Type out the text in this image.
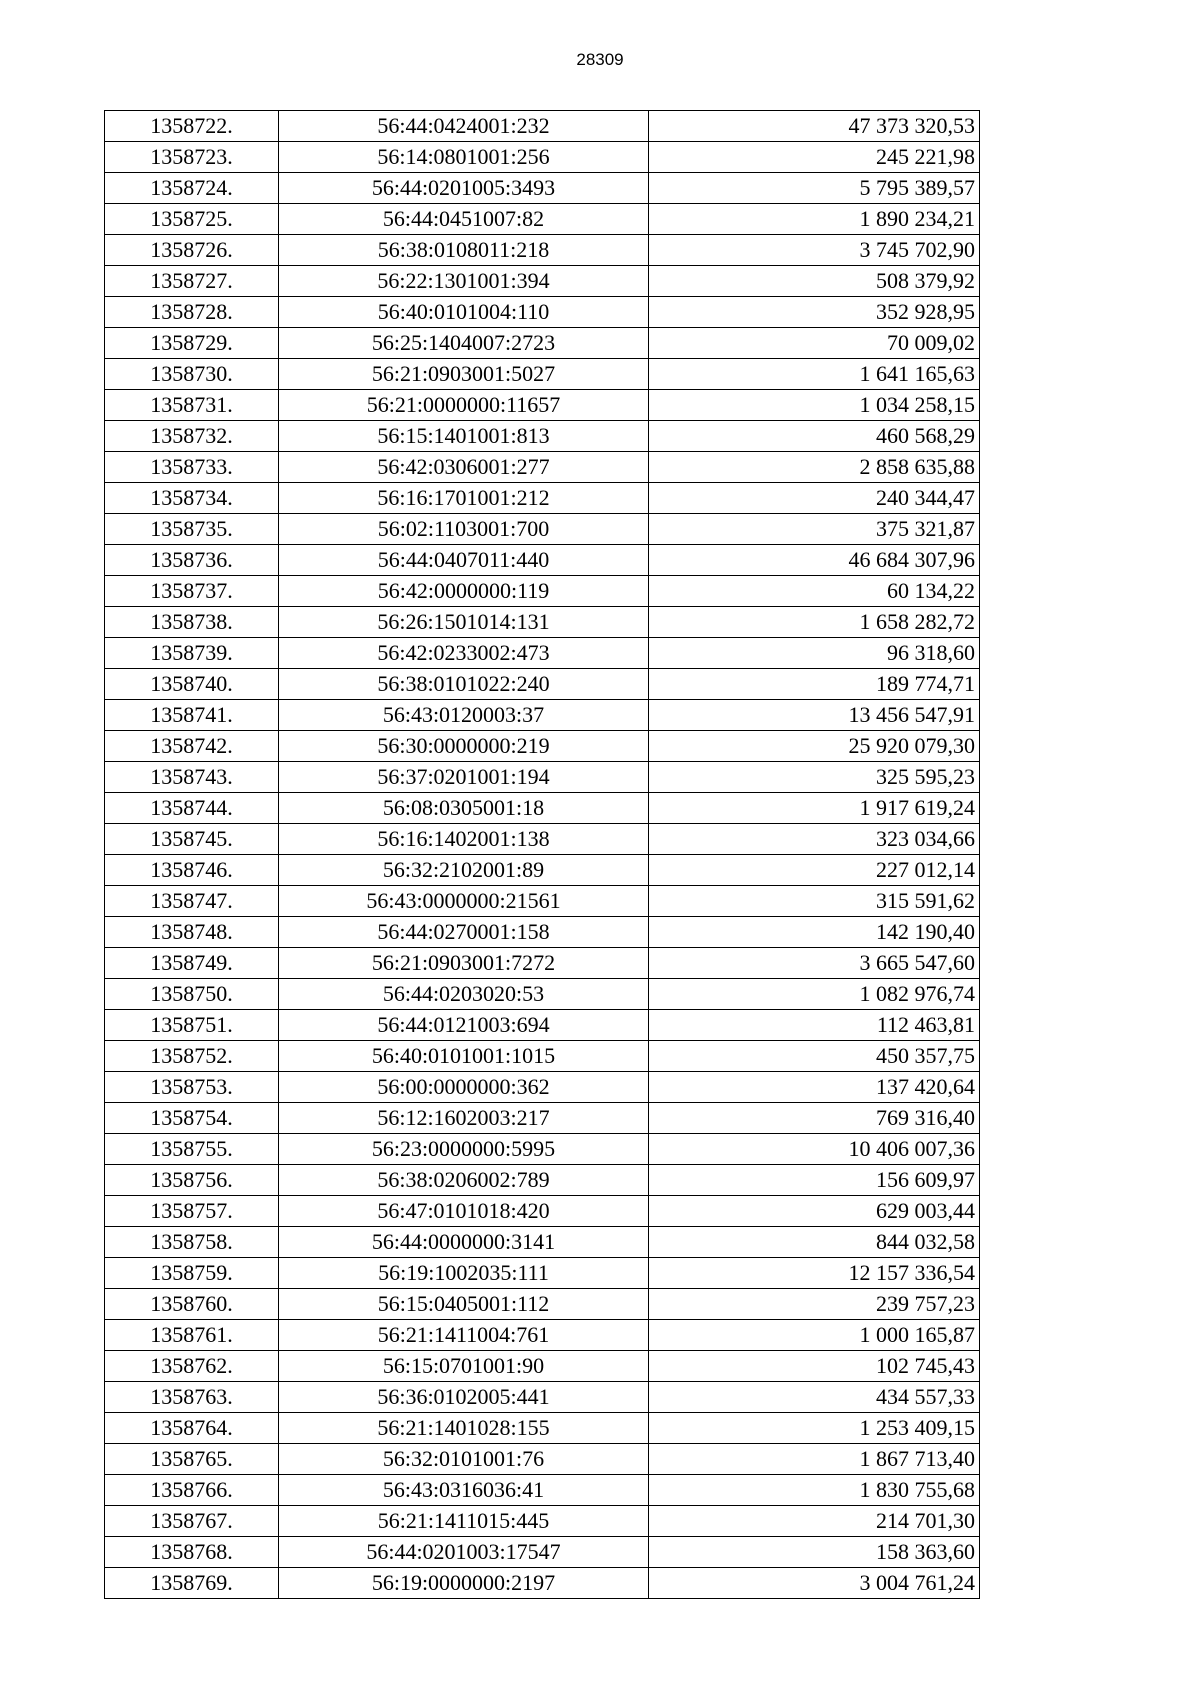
28309
1358722.	56:44:0424001:232	47 373 320,53
1358723.	56:14:0801001:256	245 221,98
1358724.	56:44:0201005:3493	5 795 389,57
1358725.	56:44:0451007:82	1 890 234,21
1358726.	56:38:0108011:218	3 745 702,90
1358727.	56:22:1301001:394	508 379,92
1358728.	56:40:0101004:110	352 928,95
1358729.	56:25:1404007:2723	70 009,02
1358730.	56:21:0903001:5027	1 641 165,63
1358731.	56:21:0000000:11657	1 034 258,15
1358732.	56:15:1401001:813	460 568,29
1358733.	56:42:0306001:277	2 858 635,88
1358734.	56:16:1701001:212	240 344,47
1358735.	56:02:1103001:700	375 321,87
1358736.	56:44:0407011:440	46 684 307,96
1358737.	56:42:0000000:119	60 134,22
1358738.	56:26:1501014:131	1 658 282,72
1358739.	56:42:0233002:473	96 318,60
1358740.	56:38:0101022:240	189 774,71
1358741.	56:43:0120003:37	13 456 547,91
1358742.	56:30:0000000:219	25 920 079,30
1358743.	56:37:0201001:194	325 595,23
1358744.	56:08:0305001:18	1 917 619,24
1358745.	56:16:1402001:138	323 034,66
1358746.	56:32:2102001:89	227 012,14
1358747.	56:43:0000000:21561	315 591,62
1358748.	56:44:0270001:158	142 190,40
1358749.	56:21:0903001:7272	3 665 547,60
1358750.	56:44:0203020:53	1 082 976,74
1358751.	56:44:0121003:694	112 463,81
1358752.	56:40:0101001:1015	450 357,75
1358753.	56:00:0000000:362	137 420,64
1358754.	56:12:1602003:217	769 316,40
1358755.	56:23:0000000:5995	10 406 007,36
1358756.	56:38:0206002:789	156 609,97
1358757.	56:47:0101018:420	629 003,44
1358758.	56:44:0000000:3141	844 032,58
1358759.	56:19:1002035:111	12 157 336,54
1358760.	56:15:0405001:112	239 757,23
1358761.	56:21:1411004:761	1 000 165,87
1358762.	56:15:0701001:90	102 745,43
1358763.	56:36:0102005:441	434 557,33
1358764.	56:21:1401028:155	1 253 409,15
1358765.	56:32:0101001:76	1 867 713,40
1358766.	56:43:0316036:41	1 830 755,68
1358767.	56:21:1411015:445	214 701,30
1358768.	56:44:0201003:17547	158 363,60
1358769.	56:19:0000000:2197	3 004 761,24
